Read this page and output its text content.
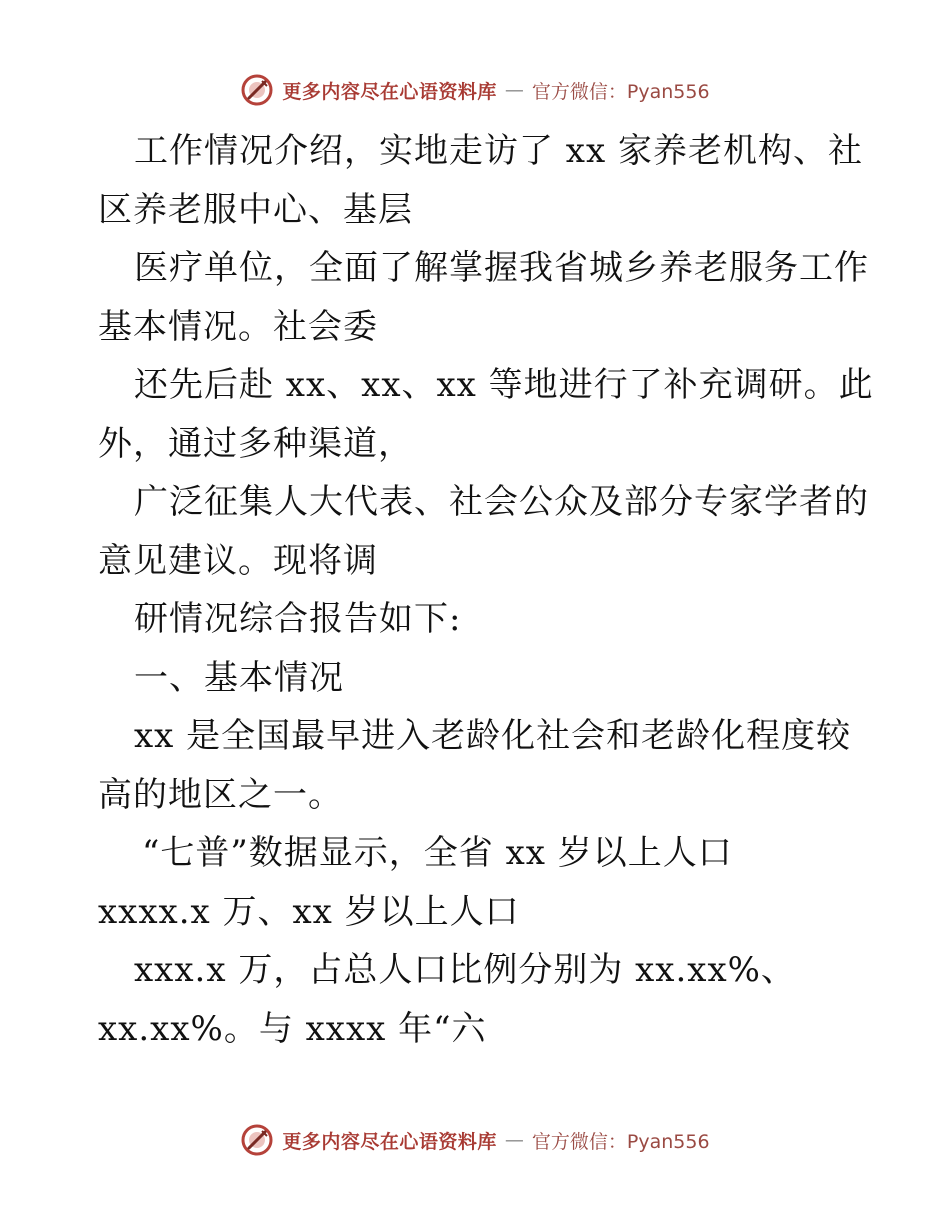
更多内容尽在心语资料库 — 官方微信：Pyan556
工作情况介绍，实地走访了 xx 家养老机构、社
区养老服中心、基层
医疗单位，全面了解掌握我省城乡养老服务工作
基本情况。社会委
还先后赴 xx、xx、xx 等地进行了补充调研。此
外，通过多种渠道，
广泛征集人大代表、社会公众及部分专家学者的
意见建议。现将调
研情况综合报告如下:
一、基本情况
xx 是全国最早进入老龄化社会和老龄化程度较
高的地区之一。
“七普”数据显示，全省 xx 岁以上人口
xxxx.x 万、xx 岁以上人口
xxx.x 万，占总人口比例分别为 xx.xx%、
xx.xx%。与 xxxx 年“六
更多内容尽在心语资料库 — 官方微信：Pyan556
